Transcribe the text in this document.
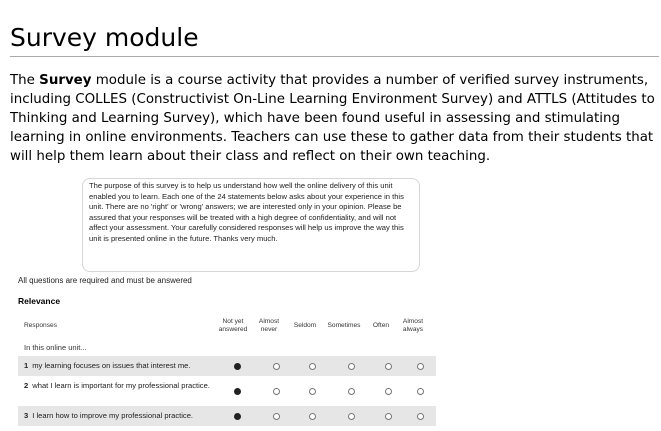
Survey module

The Survey module is a course activity that provides a number of verified survey instruments, including COLLES (Constructivist On-Line Learning Environment Survey) and ATTLS (Attitudes to Thinking and Learning Survey), which have been found useful in assessing and stimulating learning in online environments. Teachers can use these to gather data from their students that will help them learn about their class and reflect on their own teaching.

The purpose of this survey is to help us understand how well the online delivery of this unit enabled you to learn. Each one of the 24 statements below asks about your experience in this unit. There are no 'right' or 'wrong' answers; we are interested only in your opinion. Please be assured that your responses will be treated with a high degree of confidentiality, and will not affect your assessment. Your carefully considered responses will help us improve the way this unit is presented online in the future. Thanks very much.
All questions are required and must be answered
Relevance
Responses
Not yet answered
Almost never
Seldom	Sometimes	Often
Almost always
In this online unit...
1 my learning focuses on issues that interest me.
2 what I learn is important for my professional practice.
3 I learn how to improve my professional practice.
